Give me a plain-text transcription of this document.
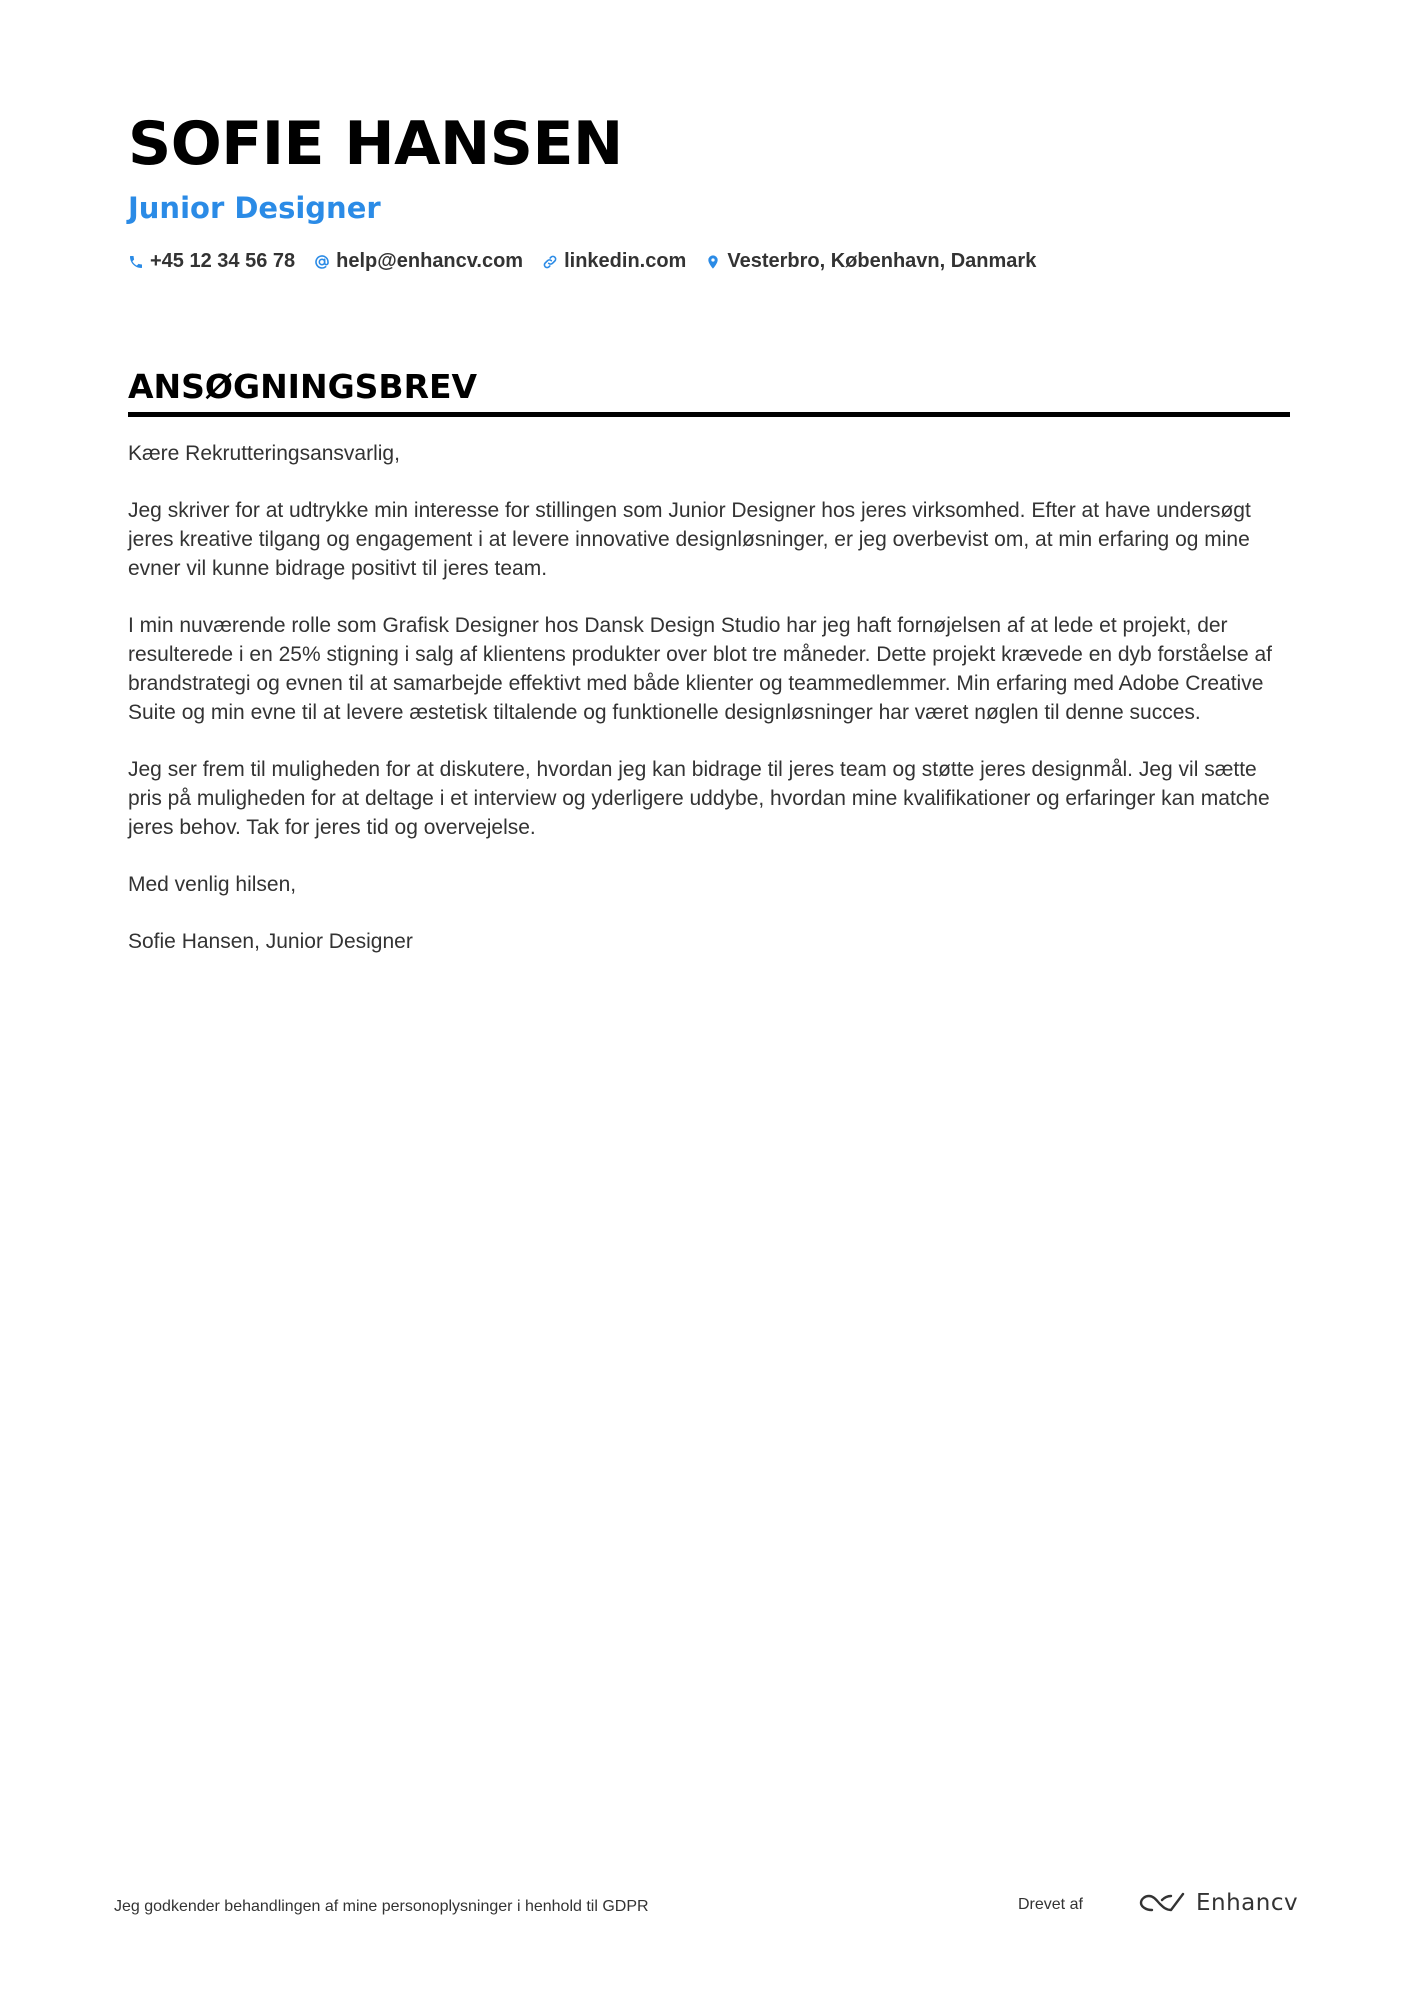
SOFIE HANSEN
Junior Designer
+45 12 34 56 78 help@enhancv.com linkedin.com Vesterbro, København, Danmark
ANSØGNINGSBREV

Kære Rekrutteringsansvarlig,

Jeg skriver for at udtrykke min interesse for stillingen som Junior Designer hos jeres virksomhed. Efter at have undersøgt jeres kreative tilgang og engagement i at levere innovative designløsninger, er jeg overbevist om, at min erfaring og mine evner vil kunne bidrage positivt til jeres team.

I min nuværende rolle som Grafisk Designer hos Dansk Design Studio har jeg haft fornøjelsen af at lede et projekt, der resulterede i en 25% stigning i salg af klientens produkter over blot tre måneder. Dette projekt krævede en dyb forståelse af brandstrategi og evnen til at samarbejde effektivt med både klienter og teammedlemmer. Min erfaring med Adobe Creative Suite og min evne til at levere æstetisk tiltalende og funktionelle designløsninger har været nøglen til denne succes.

Jeg ser frem til muligheden for at diskutere, hvordan jeg kan bidrage til jeres team og støtte jeres designmål. Jeg vil sætte pris på muligheden for at deltage i et interview og yderligere uddybe, hvordan mine kvalifikationer og erfaringer kan matche jeres behov. Tak for jeres tid og overvejelse.

Med venlig hilsen,

Sofie Hansen, Junior Designer

Jeg godkender behandlingen af mine personoplysninger i henhold til GDPR	Drevet af	Enhancv
